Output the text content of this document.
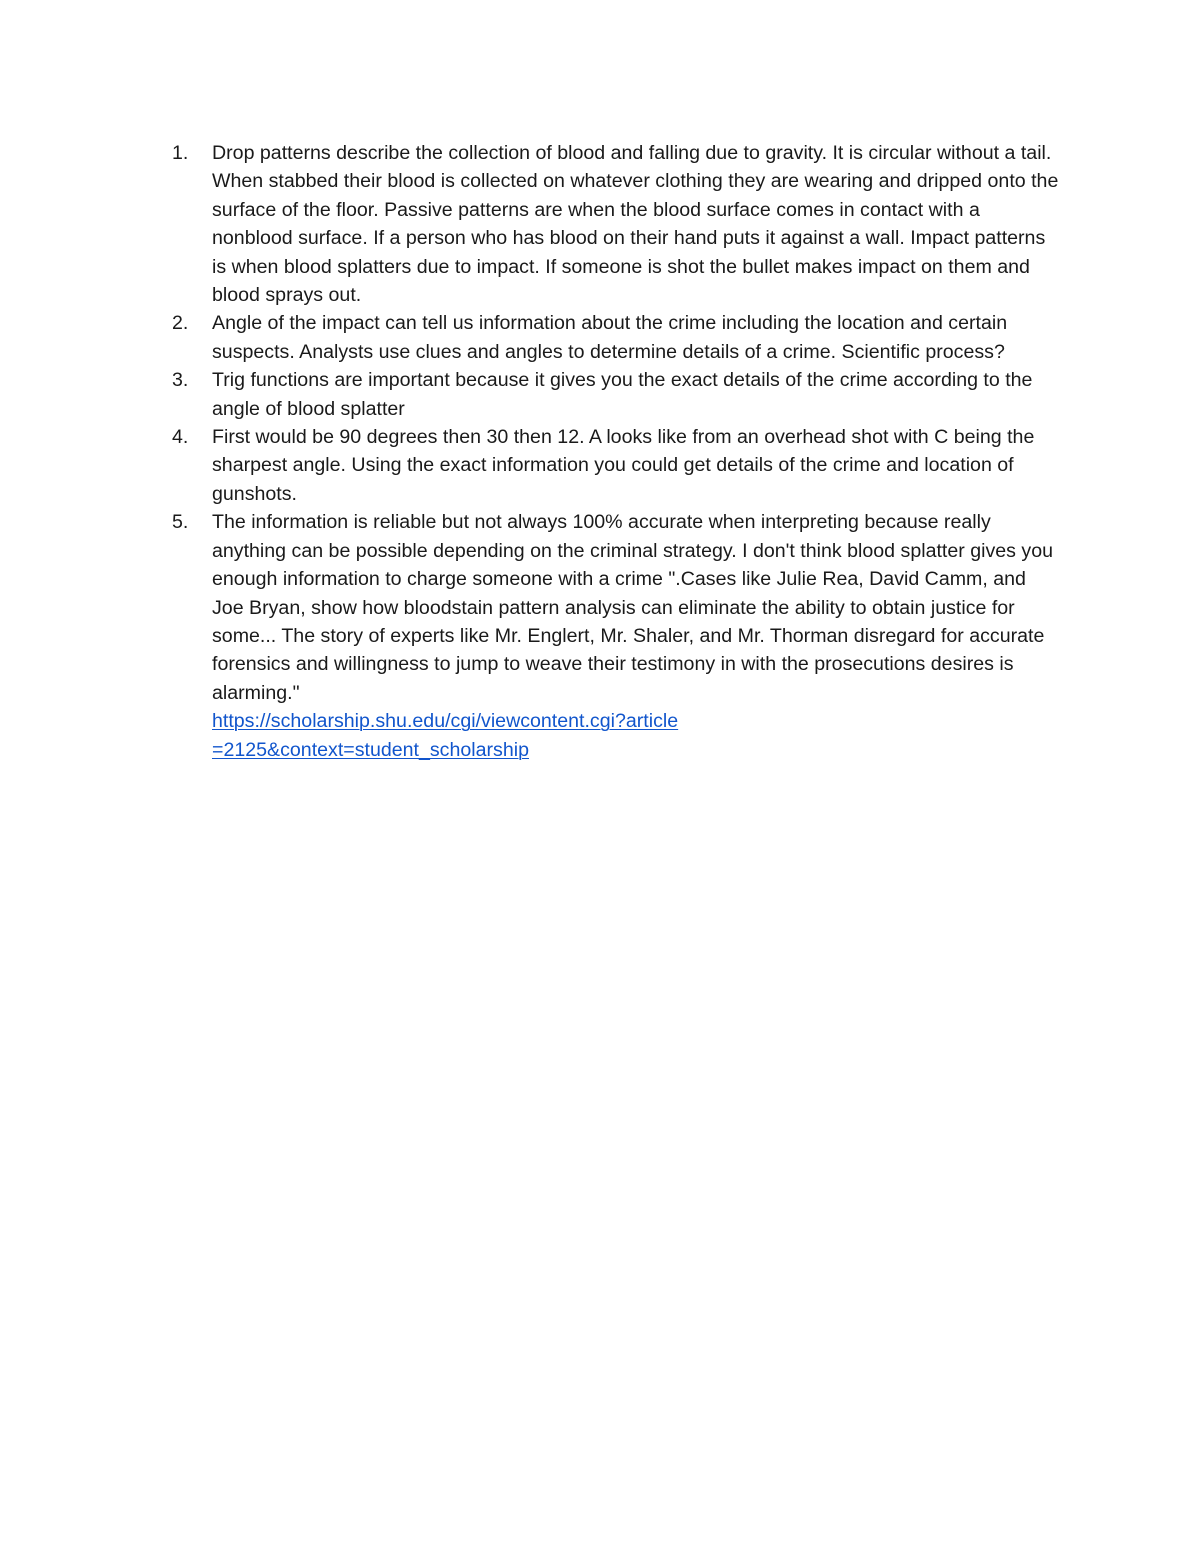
1.	Drop patterns describe the collection of blood and falling due to gravity. It is circular without a tail. When stabbed their blood is collected on whatever clothing they are wearing and dripped onto the surface of the floor. Passive patterns are when the blood surface comes in contact with a nonblood surface. If a person who has blood on their hand puts it against a wall. Impact patterns is when blood splatters due to impact. If someone is shot the bullet makes impact on them and blood sprays out.
2.	Angle of the impact can tell us information about the crime including the location and certain suspects. Analysts use clues and angles to determine details of a crime. Scientific process?
3.	Trig functions are important because it gives you the exact details of the crime according to the angle of blood splatter
4.	First would be 90 degrees then 30 then 12. A looks like from an overhead shot with C being the sharpest angle. Using the exact information you could get details of the crime and location of gunshots.
5.	The information is reliable but not always 100% accurate when interpreting because really anything can be possible depending on the criminal strategy. I don't think blood splatter gives you enough information to charge someone with a crime ".Cases like Julie Rea, David Camm, and Joe Bryan, show how bloodstain pattern analysis can eliminate the ability to obtain justice for some... The story of experts like Mr. Englert, Mr. Shaler, and Mr. Thorman disregard for accurate forensics and willingness to jump to weave their testimony in with the prosecutions desires is alarming."
https://scholarship.shu.edu/cgi/viewcontent.cgi?article=2125&context=student_scholarship
